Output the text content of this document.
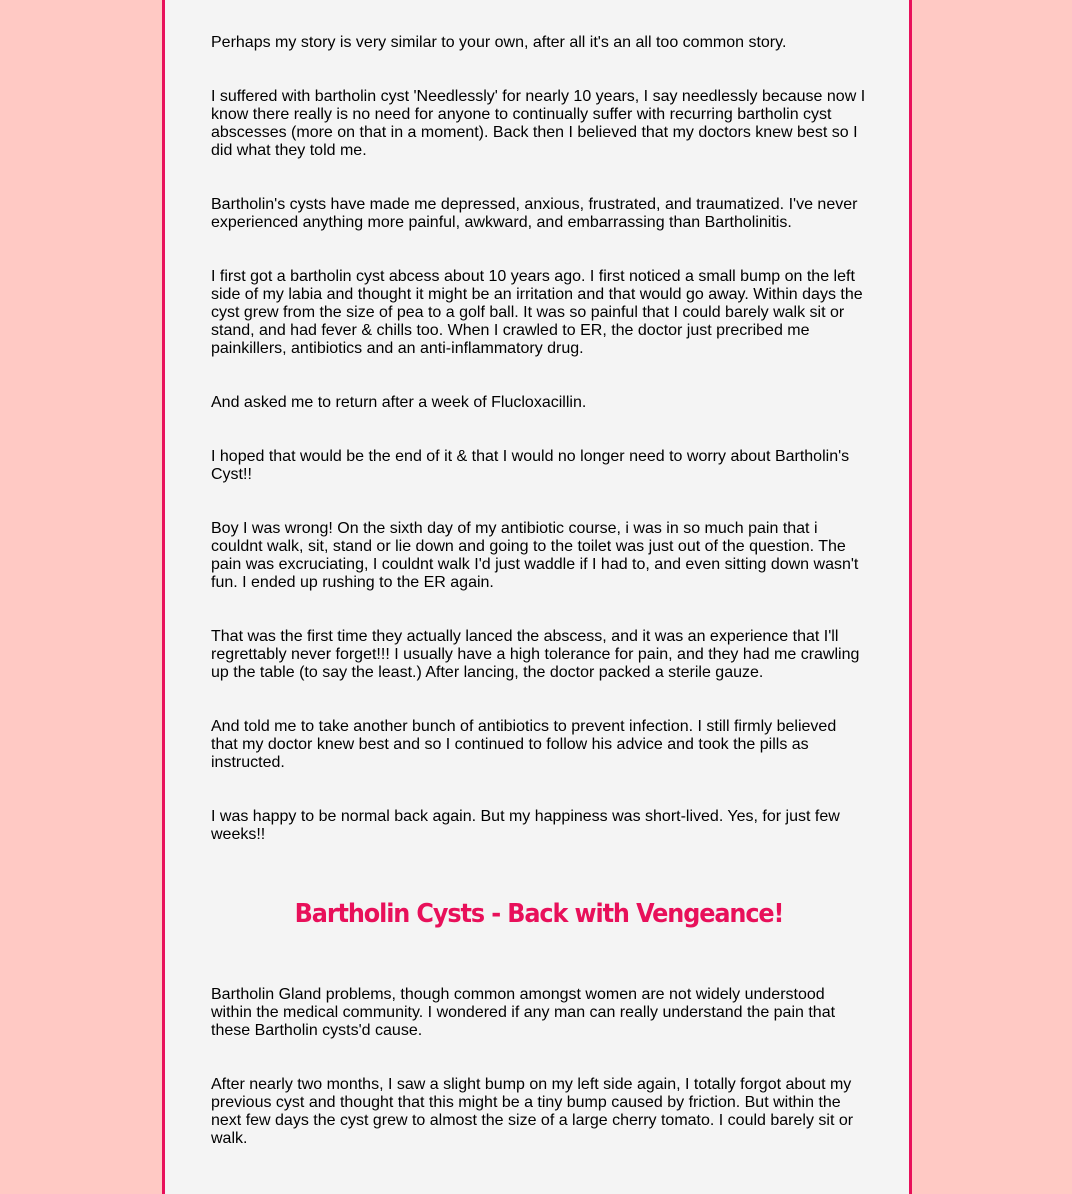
Perhaps my story is very similar to your own, after all it's an all too common story.

I suffered with bartholin cyst 'Needlessly' for nearly 10 years, I say needlessly because now I know there really is no need for anyone to continually suffer with recurring bartholin cyst abscesses (more on that in a moment). Back then I believed that my doctors knew best so I did what they told me.

Bartholin's cysts have made me depressed, anxious, frustrated, and traumatized. I've never experienced anything more painful, awkward, and embarrassing than Bartholinitis.

I first got a bartholin cyst abcess about 10 years ago. I first noticed a small bump on the left side of my labia and thought it might be an irritation and that would go away. Within days the cyst grew from the size of pea to a golf ball. It was so painful that I could barely walk sit or stand, and had fever & chills too. When I crawled to ER, the doctor just precribed me painkillers, antibiotics and an anti-inflammatory drug.

And asked me to return after a week of Flucloxacillin.

I hoped that would be the end of it & that I would no longer need to worry about Bartholin's Cyst!!

Boy I was wrong! On the sixth day of my antibiotic course, i was in so much pain that i couldnt walk, sit, stand or lie down and going to the toilet was just out of the question. The pain was excruciating, I couldnt walk I'd just waddle if I had to, and even sitting down wasn't fun. I ended up rushing to the ER again.

That was the first time they actually lanced the abscess, and it was an experience that I'll regrettably never forget!!! I usually have a high tolerance for pain, and they had me crawling up the table (to say the least.) After lancing, the doctor packed a sterile gauze.

And told me to take another bunch of antibiotics to prevent infection. I still firmly believed that my doctor knew best and so I continued to follow his advice and took the pills as instructed.

I was happy to be normal back again. But my happiness was short-lived. Yes, for just few weeks!!

Bartholin Cysts - Back with Vengeance!

Bartholin Gland problems, though common amongst women are not widely understood within the medical community. I wondered if any man can really understand the pain that these Bartholin cysts'd cause.

After nearly two months, I saw a slight bump on my left side again, I totally forgot about my previous cyst and thought that this might be a tiny bump caused by friction. But within the next few days the cyst grew to almost the size of a large cherry tomato. I could barely sit or walk.
